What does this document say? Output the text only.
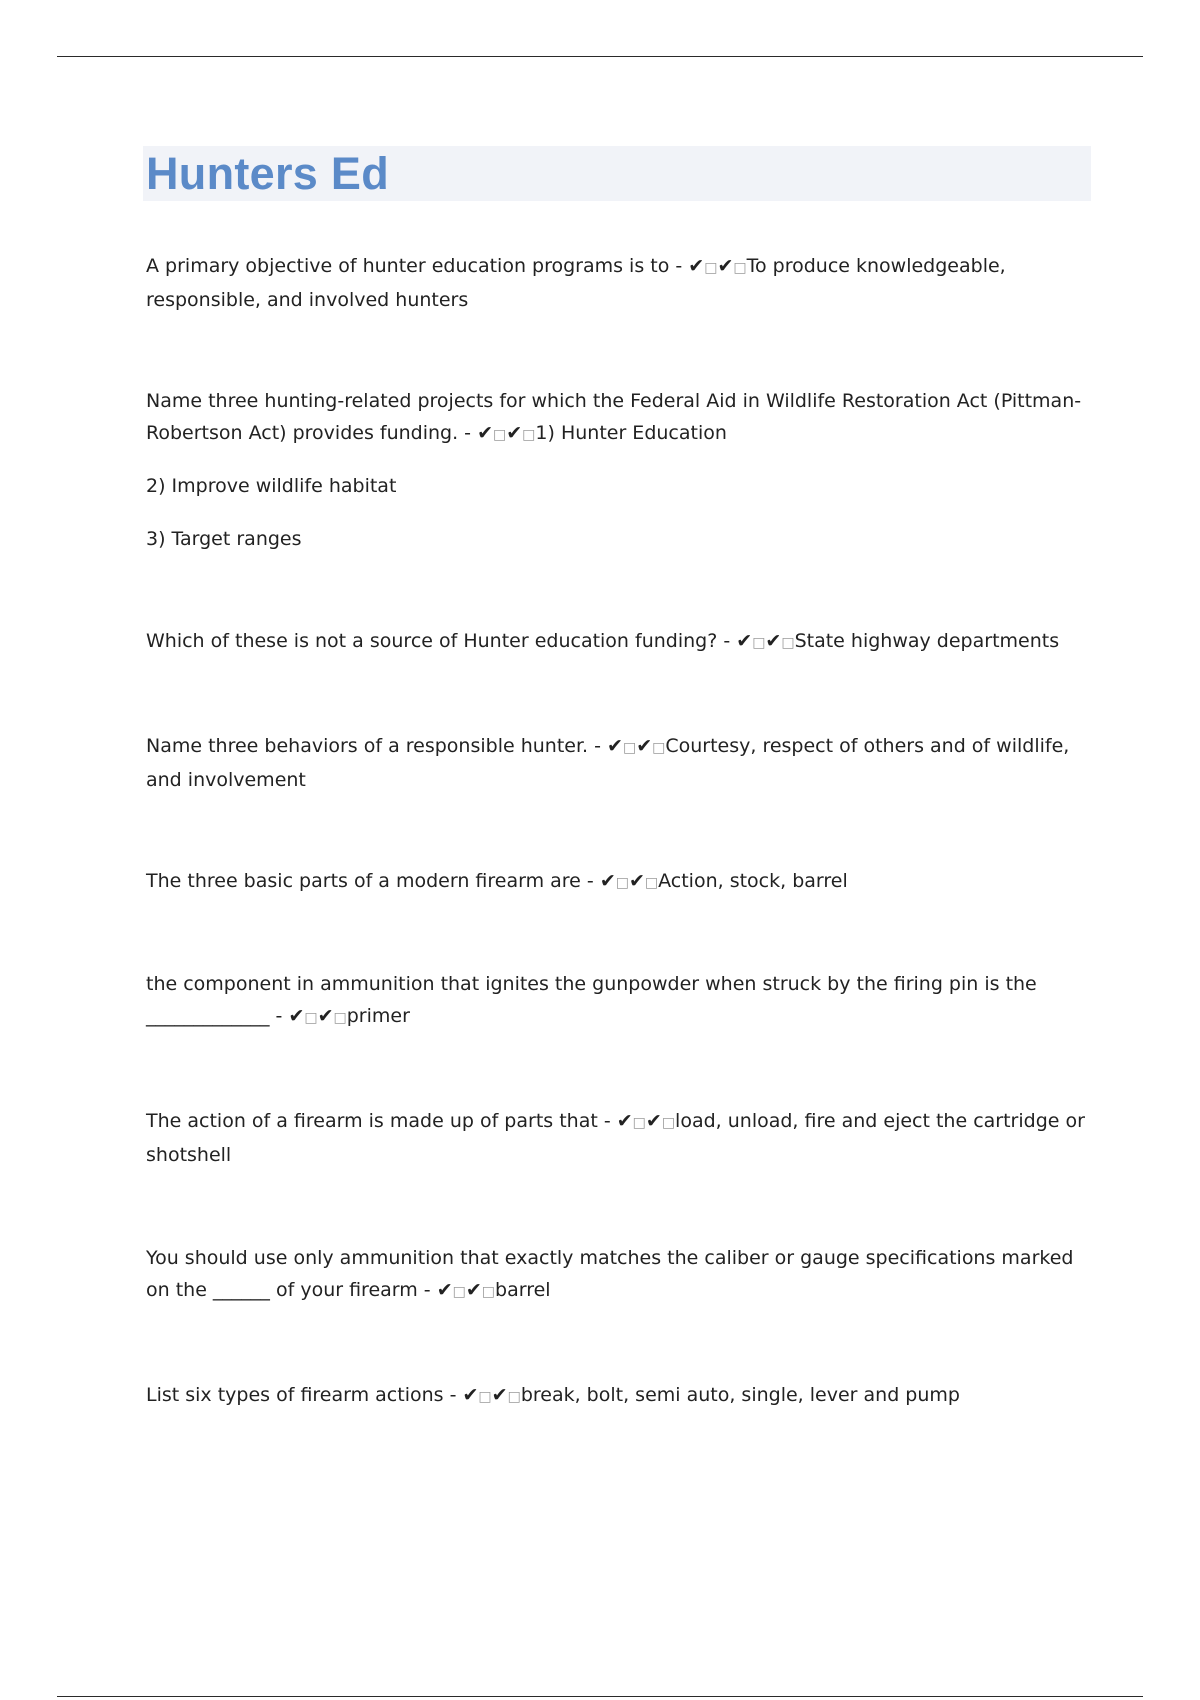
Hunters Ed

A primary objective of hunter education programs is to - ✔□✔□To produce knowledgeable, responsible, and involved hunters

Name three hunting-related projects for which the Federal Aid in Wildlife Restoration Act (Pittman-Robertson Act) provides funding. - ✔□✔□1) Hunter Education

2) Improve wildlife habitat

3) Target ranges

Which of these is not a source of Hunter education funding? - ✔□✔□State highway departments

Name three behaviors of a responsible hunter. - ✔□✔□Courtesy, respect of others and of wildlife, and involvement

The three basic parts of a modern firearm are - ✔□✔□Action, stock, barrel

the component in ammunition that ignites the gunpowder when struck by the firing pin is the _____________ - ✔□✔□primer

The action of a firearm is made up of parts that - ✔□✔□load, unload, fire and eject the cartridge or shotshell

You should use only ammunition that exactly matches the caliber or gauge specifications marked on the ______ of your firearm - ✔□✔□barrel

List six types of firearm actions - ✔□✔□break, bolt, semi auto, single, lever and pump
